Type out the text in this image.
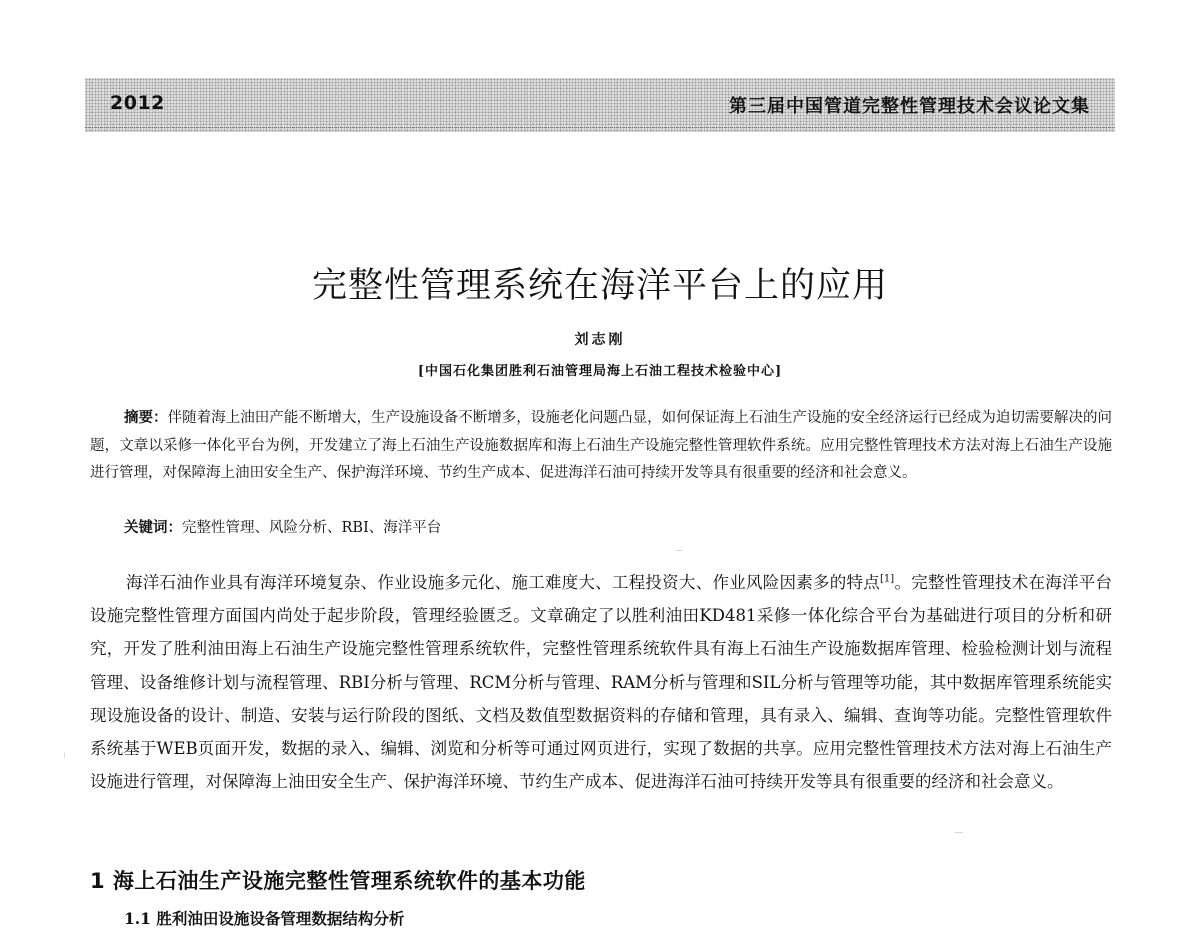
2012	第三届中国管道完整性管理技术会议论文集
完整性管理系统在海洋平台上的应用
刘志刚
[中国石化集团胜利石油管理局海上石油工程技术检验中心]

摘要：伴随着海上油田产能不断增大，生产设施设备不断增多，设施老化问题凸显，如何保证海上石油生产设施的安全经济运行已经成为迫切需要解决的问题，文章以采修一体化平台为例，开发建立了海上石油生产设施数据库和海上石油生产设施完整性管理软件系统。应用完整性管理技术方法对海上石油生产设施进行管理，对保障海上油田安全生产、保护海洋环境、节约生产成本、促进海洋石油可持续开发等具有很重要的经济和社会意义。

关键词：完整性管理、风险分析、RBI、海洋平台

海洋石油作业具有海洋环境复杂、作业设施多元化、施工难度大、工程投资大、作业风险因素多的特点[1]。完整性管理技术在海洋平台设施完整性管理方面国内尚处于起步阶段，管理经验匮乏。文章确定了以胜利油田KD481采修一体化综合平台为基础进行项目的分析和研究，开发了胜利油田海上石油生产设施完整性管理系统软件，完整性管理系统软件具有海上石油生产设施数据库管理、检验检测计划与流程管理、设备维修计划与流程管理、RBI分析与管理、RCM分析与管理、RAM分析与管理和SIL分析与管理等功能，其中数据库管理系统能实现设施设备的设计、制造、安装与运行阶段的图纸、文档及数值型数据资料的存储和管理，具有录入、编辑、查询等功能。完整性管理软件系统基于WEB页面开发，数据的录入、编辑、浏览和分析等可通过网页进行，实现了数据的共享。应用完整性管理技术方法对海上石油生产设施进行管理，对保障海上油田安全生产、保护海洋环境、节约生产成本、促进海洋石油可持续开发等具有很重要的经济和社会意义。

1 海上石油生产设施完整性管理系统软件的基本功能
1.1 胜利油田设施设备管理数据结构分析
